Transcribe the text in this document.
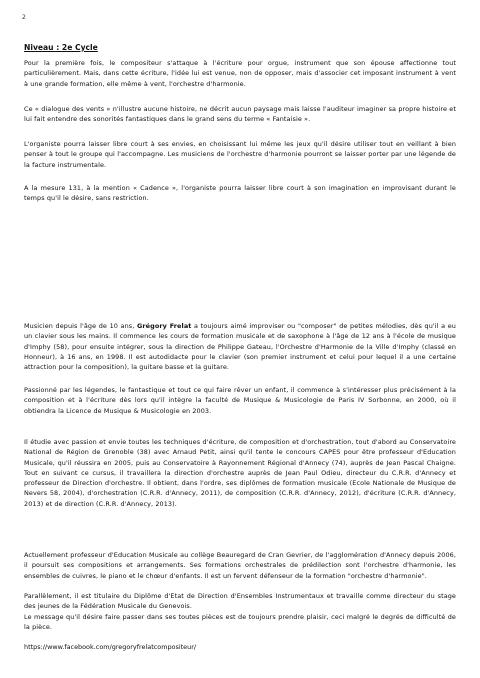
2
Niveau : 2e Cycle

Pour la première fois, le compositeur s'attaque à l'écriture pour orgue, instrument que son épouse affectionne tout particulièrement. Mais, dans cette écriture, l'idée lui est venue, non de opposer, mais d'associer cet imposant instrument à vent à une grande formation, elle même à vent, l'orchestre d'harmonie.

Ce « dialogue des vents » n'illustre aucune histoire, ne décrit aucun paysage mais laisse l'auditeur imaginer sa propre histoire et lui fait entendre des sonorités fantastiques dans le grand sens du terme « Fantaisie ».

L'organiste pourra laisser libre court à ses envies, en choisissant lui même les jeux qu'il désire utiliser tout en veillant à bien penser à tout le groupe qui l'accompagne. Les musiciens de l'orchestre d'harmonie pourront se laisser porter par une légende de la facture instrumentale.

A la mesure 131, à la mention « Cadence », l'organiste pourra laisser libre court à son imagination en improvisant durant le temps qu'il le désire, sans restriction.

Musicien depuis l'âge de 10 ans, Grégory Frelat a toujours aimé improviser ou "composer" de petites mélodies, dès qu'il a eu un clavier sous les mains. Il commence les cours de formation musicale et de saxophone à l'âge de 12 ans à l'école de musique d'Imphy (58), pour ensuite intégrer, sous la direction de Philippe Gateau, l'Orchestre d'Harmonie de la Ville d'Imphy (classé en Honneur), à 16 ans, en 1998. Il est autodidacte pour le clavier (son premier instrument et celui pour lequel il a une certaine attraction pour la composition), la guitare basse et la guitare.

Passionné par les légendes, le fantastique et tout ce qui faire rêver un enfant, il commence à s'intéresser plus précisément à la composition et à l'écriture dès lors qu'il intègre la faculté de Musique & Musicologie de Paris IV Sorbonne, en 2000, où il obtiendra la Licence de Musique & Musicologie en 2003.

Il étudie avec passion et envie toutes les techniques d'écriture, de composition et d'orchestration, tout d'abord au Conservatoire National de Région de Grenoble (38) avec Arnaud Petit, ainsi qu'il tente le concours CAPES pour être professeur d'Education Musicale, qu'il réussira en 2005, puis au Conservatoire à Rayonnement Régional d'Annecy (74), auprès de Jean Pascal Chaigne. Tout en suivant ce cursus, il travaillera la direction d'orchestre auprès de Jean Paul Odieu, directeur du C.R.R. d'Annecy et professeur de Direction d'orchestre. Il obtient, dans l'ordre, ses diplômes de formation musicale (Ecole Nationale de Musique de Nevers 58, 2004), d'orchestration (C.R.R. d'Annecy, 2011), de composition (C.R.R. d'Annecy, 2012), d'écriture (C.R.R. d'Annecy, 2013) et de direction (C.R.R. d'Annecy, 2013).

Actuellement professeur d'Education Musicale au collège Beauregard de Cran Gevrier, de l'agglomération d'Annecy depuis 2006, il poursuit ses compositions et arrangements. Ses formations orchestrales de prédilection sont l'orchestre d'harmonie, les ensembles de cuivres, le piano et le chœur d'enfants. Il est un fervent défenseur de la formation "orchestre d'harmonie".

Parallèlement, il est titulaire du Diplôme d'Etat de Direction d'Ensembles Instrumentaux et travaille comme directeur du stage des jeunes de la Fédération Musicale du Genevois.
Le message qu'il désire faire passer dans ses toutes pièces est de toujours prendre plaisir, ceci malgré le degrés de difficulté de la pièce.

https://www.facebook.com/gregoryfrelatcompositeur/
